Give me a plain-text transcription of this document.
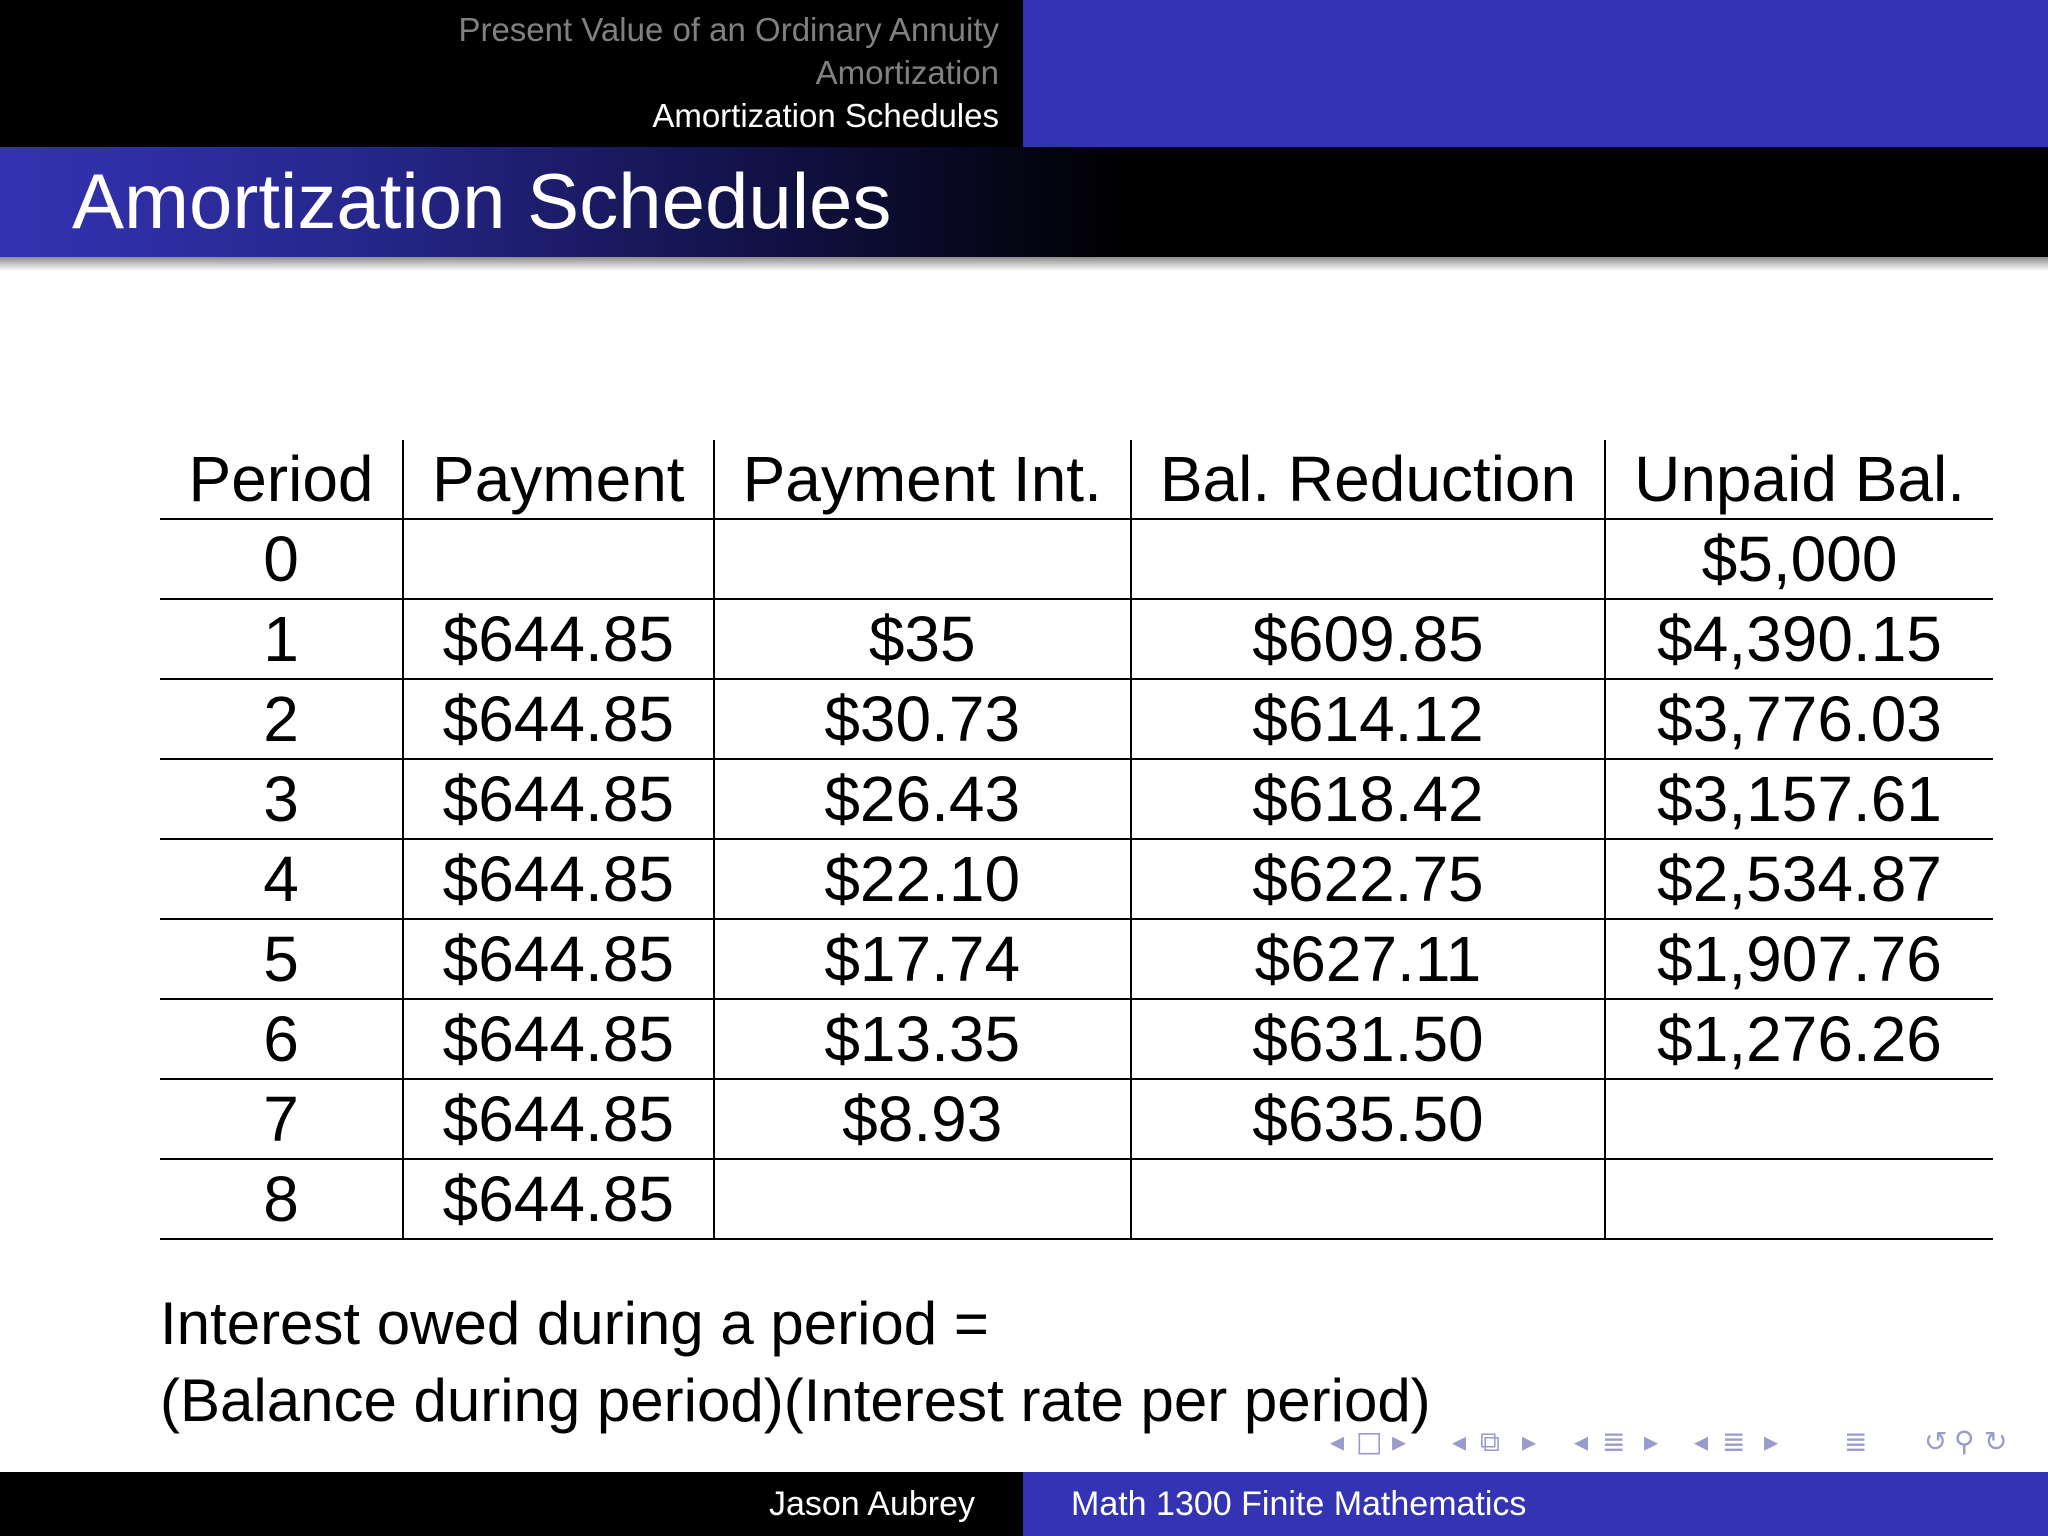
Present Value of an Ordinary Annuity
Amortization
Amortization Schedules
Amortization Schedules
Period	Payment	Payment Int.	Bal. Reduction	Unpaid Bal.
0				$5,000
1	$644.85	$35	$609.85	$4,390.15
2	$644.85	$30.73	$614.12	$3,776.03
3	$644.85	$26.43	$618.42	$3,157.61
4	$644.85	$22.10	$622.75	$2,534.87
5	$644.85	$17.74	$627.11	$1,907.76
6	$644.85	$13.35	$631.50	$1,276.26
7	$644.85	$8.93	$635.50	
8	$644.85			
Interest owed during a period =
(Balance during period)(Interest rate per period)
◂ □ ▸ ◂ ⧉ ▸ ◂ ≣ ▸ ◂ ≣ ▸ ≣ ↺ ⚲ ↻
Jason Aubrey	Math 1300 Finite Mathematics
